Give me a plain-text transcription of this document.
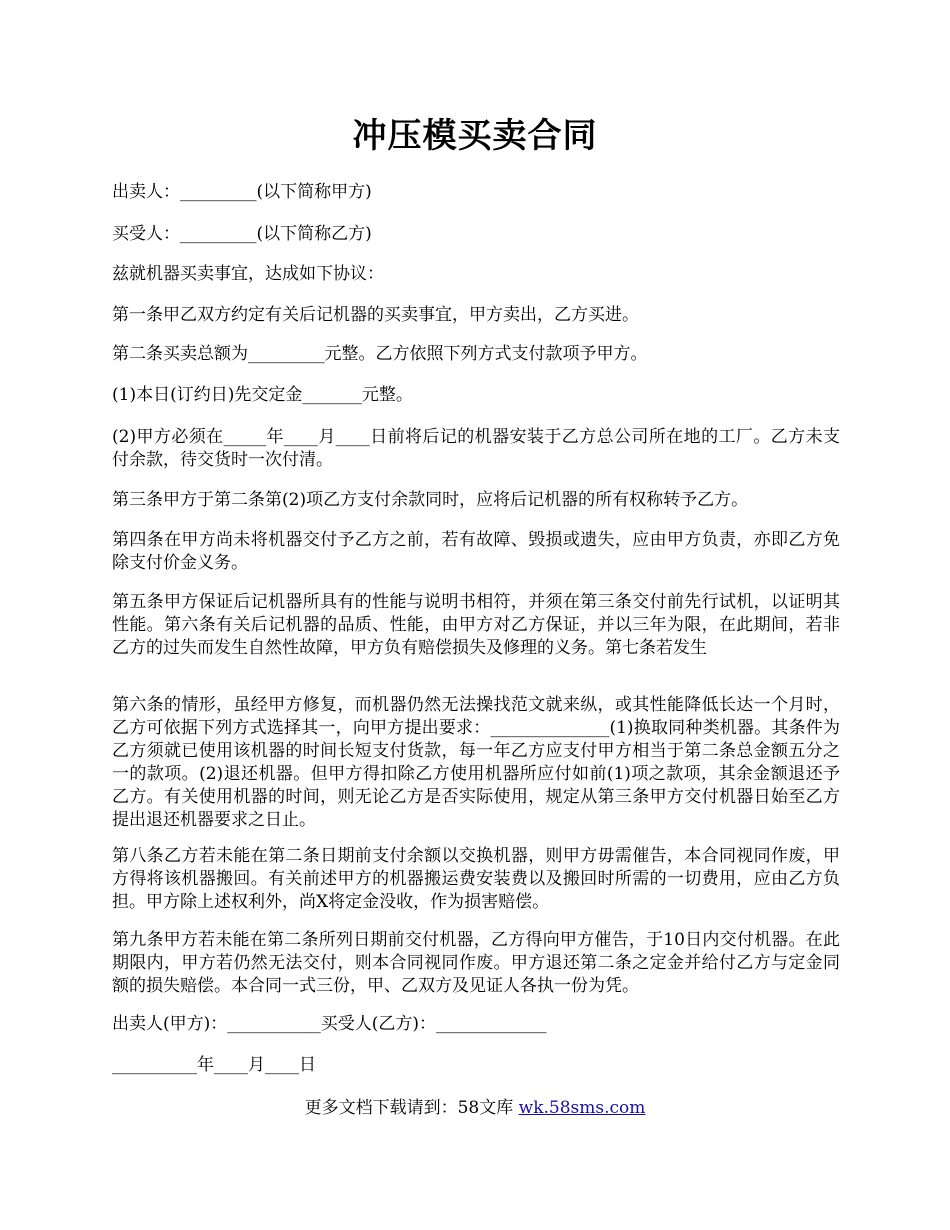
冲压模买卖合同
出卖人：_________(以下简称甲方)
买受人：_________(以下简称乙方)
兹就机器买卖事宜，达成如下协议：
第一条甲乙双方约定有关后记机器的买卖事宜，甲方卖出，乙方买进。
第二条买卖总额为_________元整。乙方依照下列方式支付款项予甲方。
(1)本日(订约日)先交定金_______元整。
(2)甲方必须在_____年____月____日前将后记的机器安装于乙方总公司所在地的工厂。乙方未支付余款，待交货时一次付清。
第三条甲方于第二条第(2)项乙方支付余款同时，应将后记机器的所有权称转予乙方。
第四条在甲方尚未将机器交付予乙方之前，若有故障、毁损或遗失，应由甲方负责，亦即乙方免除支付价金义务。
第五条甲方保证后记机器所具有的性能与说明书相符，并须在第三条交付前先行试机，以证明其性能。第六条有关后记机器的品质、性能，由甲方对乙方保证，并以三年为限，在此期间，若非乙方的过失而发生自然性故障，甲方负有赔偿损失及修理的义务。第七条若发生
第六条的情形，虽经甲方修复，而机器仍然无法操找范文就来纵，或其性能降低长达一个月时，乙方可依据下列方式选择其一，向甲方提出要求：______________(1)换取同种类机器。其条件为乙方须就已使用该机器的时间长短支付货款，每一年乙方应支付甲方相当于第二条总金额五分之一的款项。(2)退还机器。但甲方得扣除乙方使用机器所应付如前(1)项之款项，其余金额退还予乙方。有关使用机器的时间，则无论乙方是否实际使用，规定从第三条甲方交付机器日始至乙方提出退还机器要求之日止。
第八条乙方若未能在第二条日期前支付余额以交换机器，则甲方毋需催告，本合同视同作废，甲方得将该机器搬回。有关前述甲方的机器搬运费安装费以及搬回时所需的一切费用，应由乙方负担。甲方除上述权利外，尚X将定金没收，作为损害赔偿。
第九条甲方若未能在第二条所列日期前交付机器，乙方得向甲方催告，于10日内交付机器。在此期限内，甲方若仍然无法交付，则本合同视同作废。甲方退还第二条之定金并给付乙方与定金同额的损失赔偿。本合同一式三份，甲、乙双方及见证人各执一份为凭。
出卖人(甲方)：___________买受人(乙方)：_____________
__________年____月____日
更多文档下载请到：58文库 wk.58sms.com
